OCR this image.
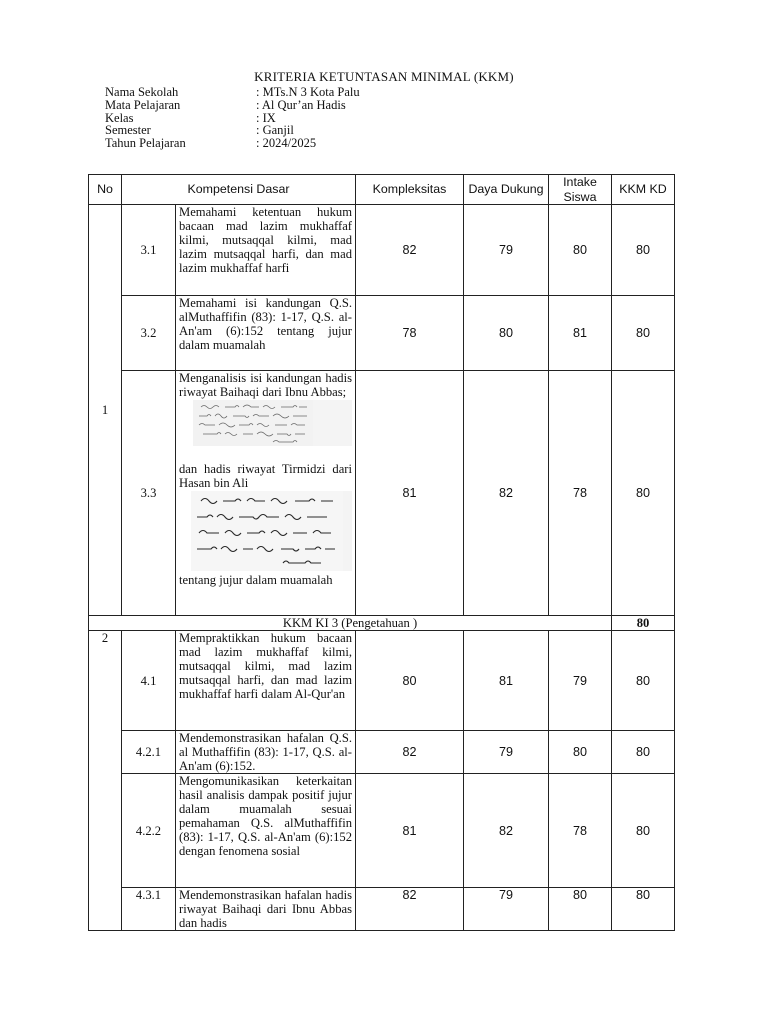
KRITERIA KETUNTASAN MINIMAL (KKM)
Nama Sekolah	: MTs.N 3 Kota Palu
Mata Pelajaran	: Al Qur’an Hadis
Kelas	: IX
Semester	: Ganjil
Tahun Pelajaran	: 2024/2025
No	Kompetensi Dasar		Kompleksitas	Daya Dukung	Intake Siswa	KKM KD
1	3.1	Memahami ketentuan hukum bacaan mad lazim mukhaffaf kilmi, mutsaqqal kilmi, mad lazim mutsaqqal harfi, dan mad lazim mukhaffaf harfi	82	79	80	80
	3.2	Memahami isi kandungan Q.S. alMuthaffifin (83): 1-17, Q.S. al-An'am (6):152 tentang jujur dalam muamalah	78	80	81	80
	3.3	Menganalisis isi kandungan hadis riwayat Baihaqi dari Ibnu Abbas;
dan hadis riwayat Tirmidzi dari Hasan bin Ali
tentang jujur dalam muamalah	81	82	78	80
KKM KI 3 (Pengetahuan )						80
2	4.1	Mempraktikkan hukum bacaan mad lazim mukhaffaf kilmi, mutsaqqal kilmi, mad lazim mutsaqqal harfi, dan mad lazim mukhaffaf harfi dalam Al-Qur'an	80	81	79	80
	4.2.1	Mendemonstrasikan hafalan Q.S. al Muthaffifin (83): 1-17, Q.S. al-An'am (6):152.	82	79	80	80
	4.2.2	Mengomunikasikan keterkaitan hasil analisis dampak positif jujur dalam muamalah sesuai pemahaman Q.S. alMuthaffifin (83): 1-17, Q.S. al-An'am (6):152 dengan fenomena sosial	81	82	78	80
	4.3.1	Mendemonstrasikan hafalan hadis riwayat Baihaqi dari Ibnu Abbas dan hadis	82	79	80	80
